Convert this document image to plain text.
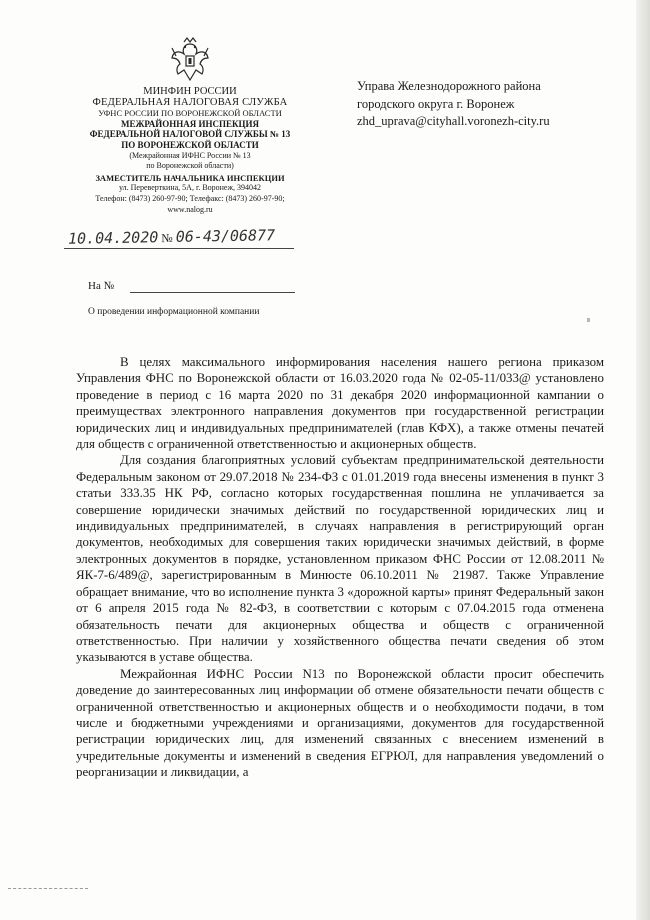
МИНФИН РОССИИ
ФЕДЕРАЛЬНАЯ НАЛОГОВАЯ СЛУЖБА
УФНС РОССИИ ПО ВОРОНЕЖСКОЙ ОБЛАСТИ
МЕЖРАЙОННАЯ ИНСПЕКЦИЯ
ФЕДЕРАЛЬНОЙ НАЛОГОВОЙ СЛУЖБЫ № 13
ПО ВОРОНЕЖСКОЙ ОБЛАСТИ
(Межрайонная ИФНС России № 13
по Воронежской области)
ЗАМЕСТИТЕЛЬ НАЧАЛЬНИКА ИНСПЕКЦИИ
ул. Переверткина, 5А, г. Воронеж, 394042
Телефон: (8473) 260-97-90; Телефакс: (8473) 260-97-90;
www.nalog.ru
Управа Железнодорожного района
городского округа г. Воронеж
zhd_uprava@cityhall.voronezh-city.ru
10.04.2020 № 06-43/06877
На №
О проведении информационной компании

В целях максимального информирования населения нашего региона приказом Управления ФНС по Воронежской области от 16.03.2020 года № 02-05-11/033@ установлено проведение в период с 16 марта 2020 по 31 декабря 2020 информационной кампании о преимуществах электронного направления документов при государственной регистрации юридических лиц и индивидуальных предпринимателей (глав КФХ), а также отмены печатей для обществ с ограниченной ответственностью и акционерных обществ.

Для создания благоприятных условий субъектам предпринимательской деятельности Федеральным законом от 29.07.2018 № 234-ФЗ с 01.01.2019 года внесены изменения в пункт 3 статьи 333.35 НК РФ, согласно которых государственная пошлина не уплачивается за совершение юридически значимых действий по государственной юридических лиц и индивидуальных предпринимателей, в случаях направления в регистрирующий орган документов, необходимых для совершения таких юридически значимых действий, в форме электронных документов в порядке, установленном приказом ФНС России от 12.08.2011 № ЯК-7-6/489@, зарегистрированным в Минюсте 06.10.2011 № 21987. Также Управление обращает внимание, что во исполнение пункта 3 «дорожной карты» принят Федеральный закон от 6 апреля 2015 года № 82-ФЗ, в соответствии с которым с 07.04.2015 года отменена обязательность печати для акционерных общества и обществ с ограниченной ответственностью. При наличии у хозяйственного общества печати сведения об этом указываются в уставе общества.

Межрайонная ИФНС России N13 по Воронежской области просит обеспечить доведение до заинтересованных лиц информации об отмене обязательности печати обществ с ограниченной ответственностью и акционерных обществ и о необходимости подачи, в том числе и бюджетными учреждениями и организациями, документов для государственной регистрации юридических лиц, для изменений связанных с внесением изменений в учредительные документы и изменений в сведения ЕГРЮЛ, для направления уведомлений о реорганизации и ликвидации, а
